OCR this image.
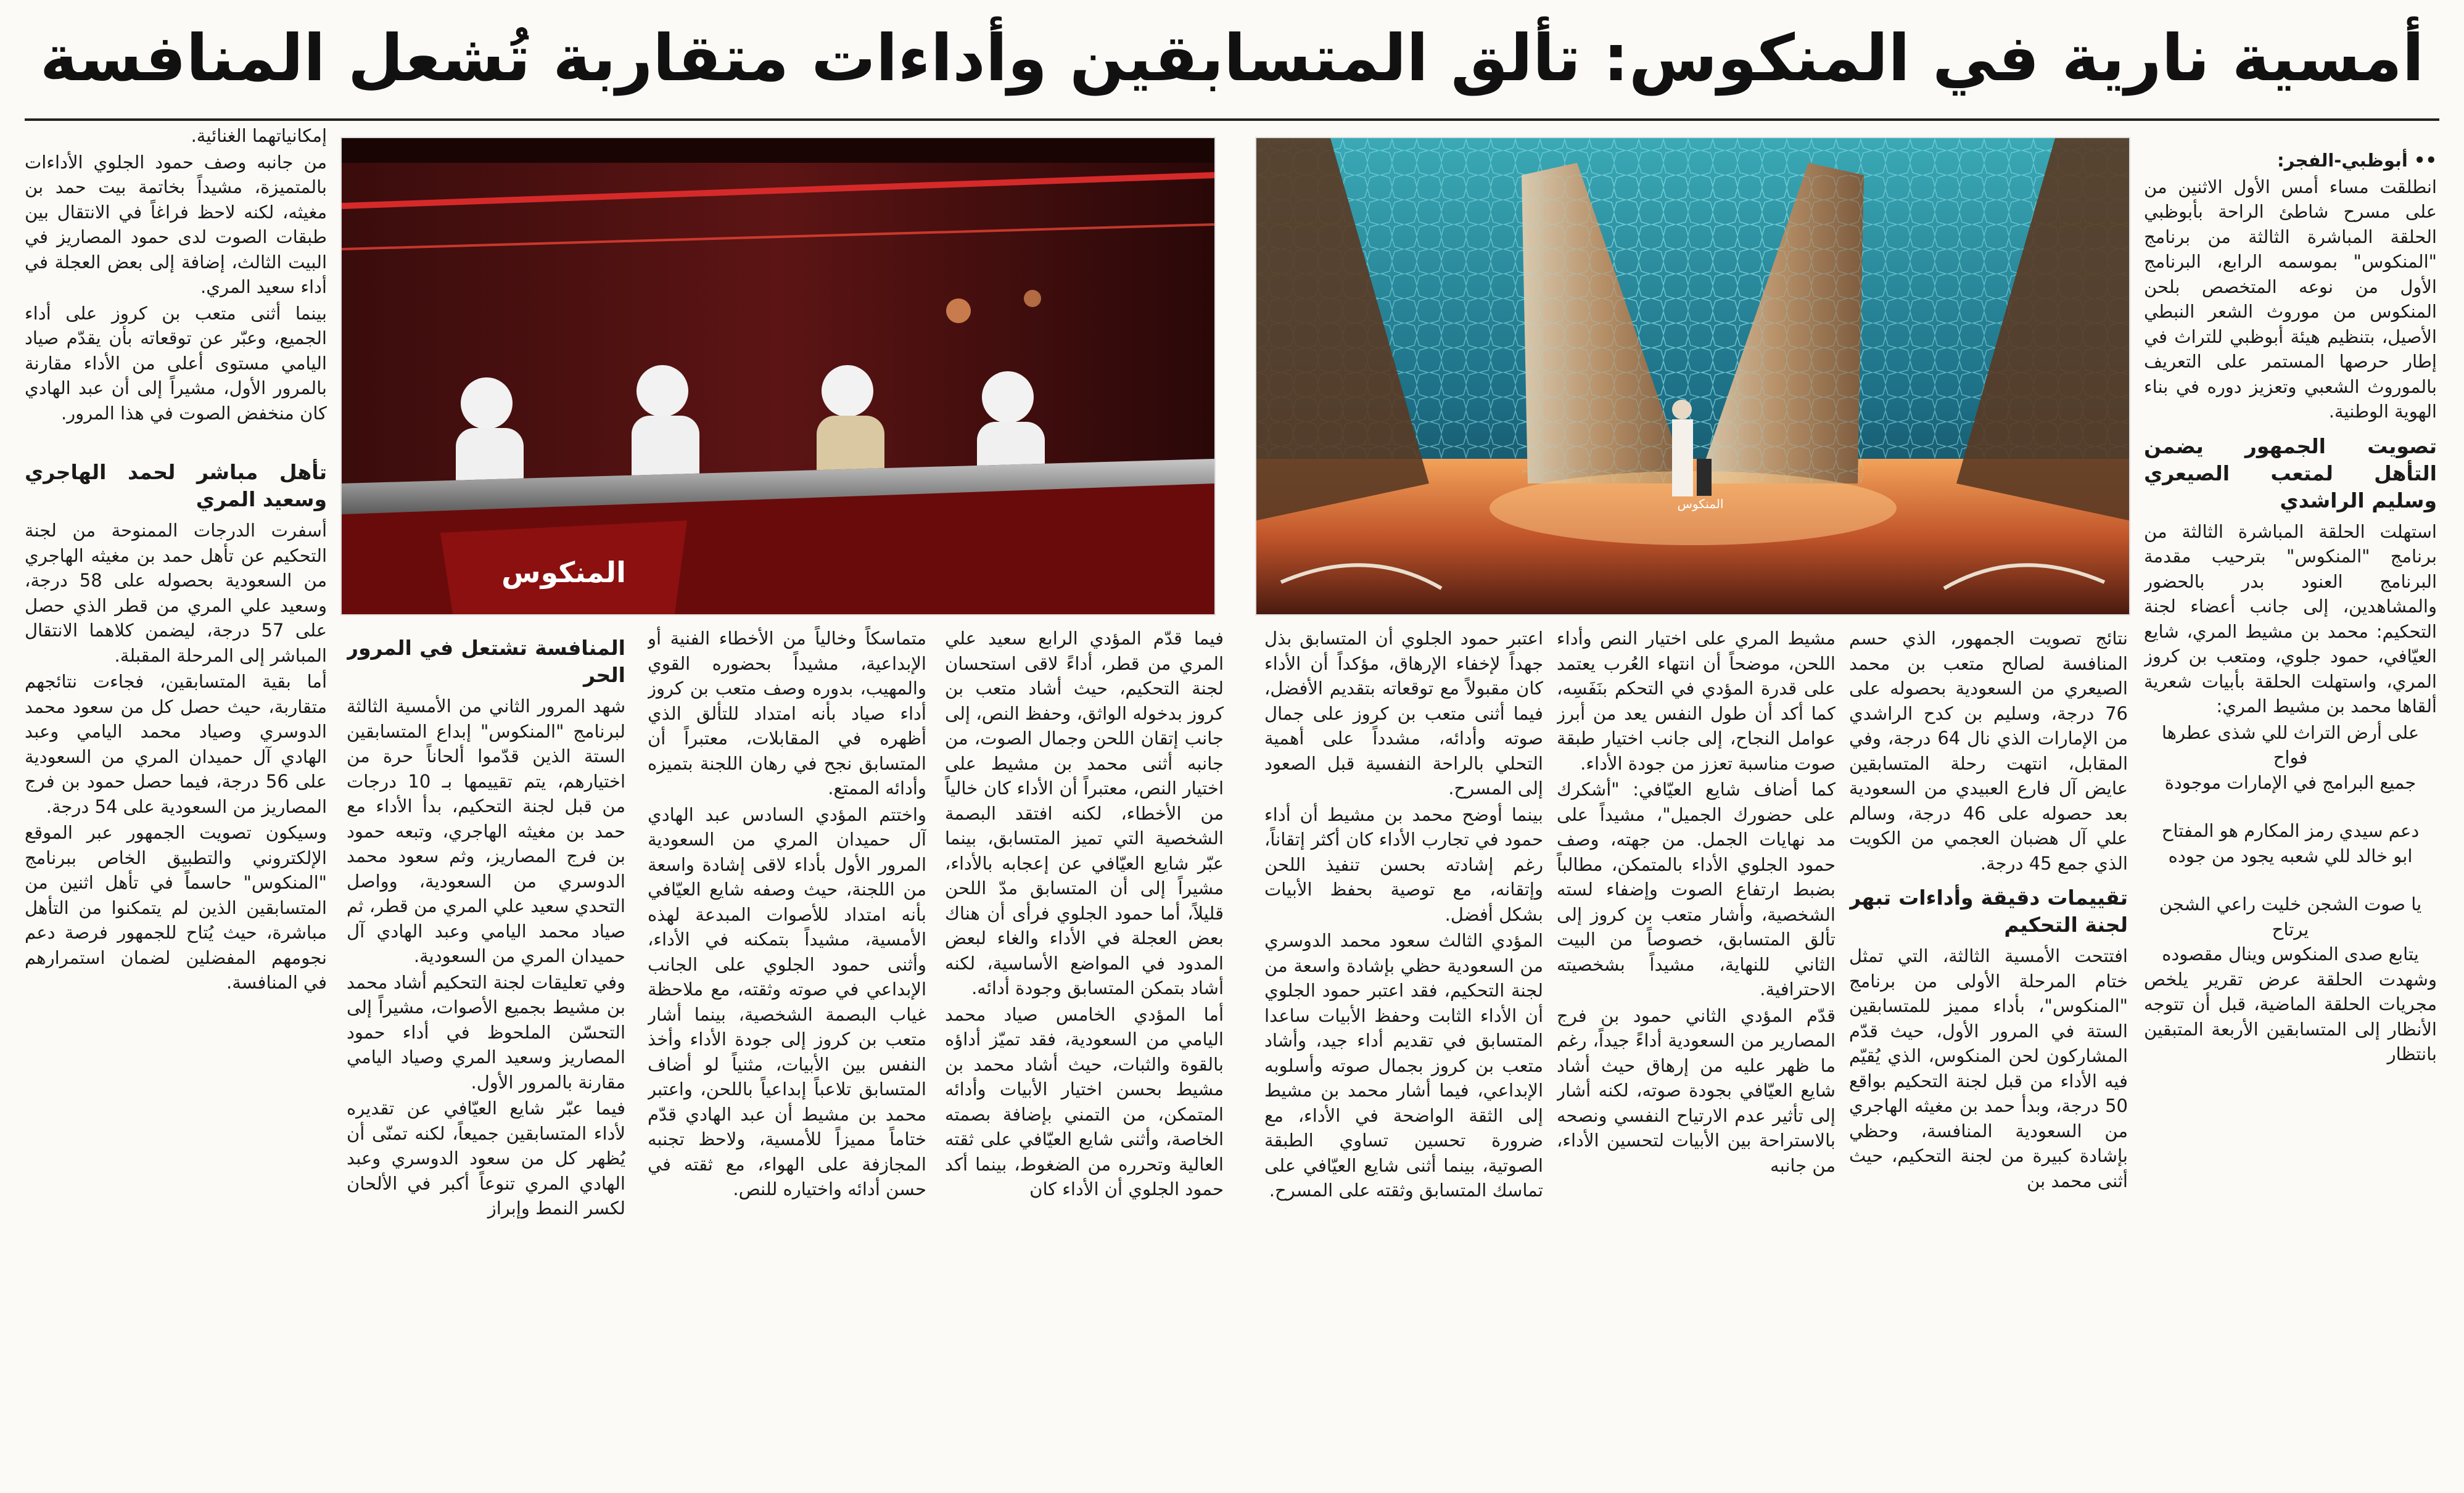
أمسية نارية في المنكوس: تألق المتسابقين وأداءات متقاربة تُشعل المنافسة

•• أبوظبي-الفجر:

انطلقت مساء أمس الأول الاثنين من على مسرح شاطئ الراحة بأبوظبي الحلقة المباشرة الثالثة من برنامج "المنكوس" بموسمه الرابع، البرنامج الأول من نوعه المتخصص بلحن المنكوس من موروث الشعر النبطي الأصيل، بتنظيم هيئة أبوظبي للتراث في إطار حرصها المستمر على التعريف بالموروث الشعبي وتعزيز دوره في بناء الهوية الوطنية.

تصويت الجمهور يضمن التأهل لمتعب الصيعري وسليم الراشدي

استهلت الحلقة المباشرة الثالثة من برنامج "المنكوس" بترحيب مقدمة البرنامج العنود بدر بالحضور والمشاهدين، إلى جانب أعضاء لجنة التحكيم: محمد بن مشيط المري، شايع العيّافي، حمود جلوي، ومتعب بن كروز المري، واستهلت الحلقة بأبيات شعرية ألقاها محمد بن مشيط المري:

على أرض التراث للي شذى عطرها فواح

جميع البرامج في الإمارات موجودة

دعم سيدي رمز المكارم هو المفتاح

ابو خالد للي شعبه يجود من جوده

يا صوت الشجن خليت راعي الشجن يرتاح

يتابع صدى المنكوس وينال مقصوده

وشهدت الحلقة عرض تقرير يلخص مجريات الحلقة الماضية، قبل أن تتوجه الأنظار إلى المتسابقين الأربعة المتبقين بانتظار

المنكوس
المنكوس

نتائج تصويت الجمهور، الذي حسم المنافسة لصالح متعب بن محمد الصيعري من السعودية بحصوله على 76 درجة، وسليم بن كدح الراشدي من الإمارات الذي نال 64 درجة، وفي المقابل، انتهت رحلة المتسابقين عايض آل فارع العبيدي من السعودية بعد حصوله على 46 درجة، وسالم علي آل هضبان العجمي من الكويت الذي جمع 45 درجة.

تقييمات دقيقة وأداءات تبهر لجنة التحكيم

افتتحت الأمسية الثالثة، التي تمثل ختام المرحلة الأولى من برنامج "المنكوس"، بأداء مميز للمتسابقين الستة في المرور الأول، حيث قدّم المشاركون لحن المنكوس، الذي يُقيّم فيه الأداء من قبل لجنة التحكيم بواقع 50 درجة، وبدأ حمد بن مغيثه الهاجري من السعودية المنافسة، وحظي بإشادة كبيرة من لجنة التحكيم، حيث أثنى محمد بن

مشيط المري على اختيار النص وأداء اللحن، موضحاً أن انتهاء العُرب يعتمد على قدرة المؤدي في التحكم بنَفَسِه، كما أكد أن طول النفس يعد من أبرز عوامل النجاح، إلى جانب اختيار طبقة صوت مناسبة تعزز من جودة الأداء.

كما أضاف شايع العيّافي: "أشكرك على حضورك الجميل"، مشيداً على مد نهايات الجمل. من جهته، وصف حمود الجلوي الأداء بالمتمكن، مطالباً بضبط ارتفاع الصوت وإضفاء لسته الشخصية، وأشار متعب بن كروز إلى تألق المتسابق، خصوصاً من البيت الثاني للنهاية، مشيداً بشخصيته الاحترافية.

قدّم المؤدي الثاني حمود بن فرج المصارير من السعودية أداءً جيداً، رغم ما ظهر عليه من إرهاق حيث أشاد شايع العيّافي بجودة صوته، لكنه أشار إلى تأثير عدم الارتياح النفسي ونصحه بالاستراحة بين الأبيات لتحسين الأداء، من جانبه

اعتبر حمود الجلوي أن المتسابق بذل جهداً لإخفاء الإرهاق، مؤكداً أن الأداء كان مقبولاً مع توقعاته بتقديم الأفضل، فيما أثنى متعب بن كروز على جمال صوته وأدائه، مشدداً على أهمية التحلي بالراحة النفسية قبل الصعود إلى المسرح.

بينما أوضح محمد بن مشيط أن أداء حمود في تجارب الأداء كان أكثر إتقاناً، رغم إشادته بحسن تنفيذ اللحن وإتقانه، مع توصية بحفظ الأبيات بشكل أفضل.

المؤدي الثالث سعود محمد الدوسري من السعودية حظي بإشادة واسعة من لجنة التحكيم، فقد اعتبر حمود الجلوي أن الأداء الثابت وحفظ الأبيات ساعدا المتسابق في تقديم أداء جيد، وأشاد متعب بن كروز بجمال صوته وأسلوبه الإبداعي، فيما أشار محمد بن مشيط إلى الثقة الواضحة في الأداء، مع ضرورة تحسين تساوي الطبقة الصوتية، بينما أثنى شايع العيّافي على تماسك المتسابق وثقته على المسرح.

فيما قدّم المؤدي الرابع سعيد علي المري من قطر، أداءً لاقى استحسان لجنة التحكيم، حيث أشاد متعب بن كروز بدخوله الواثق، وحفظ النص، إلى جانب إتقان اللحن وجمال الصوت، من جانبه أثنى محمد بن مشيط على اختيار النص، معتبراً أن الأداء كان خالياً من الأخطاء، لكنه افتقد البصمة الشخصية التي تميز المتسابق، بينما عبّر شايع العيّافي عن إعجابه بالأداء، مشيراً إلى أن المتسابق مدّ اللحن قليلاً، أما حمود الجلوي فرأى أن هناك بعض العجلة في الأداء والغاء لبعض المدود في المواضع الأساسية، لكنه أشاد بتمكن المتسابق وجودة أدائه.

أما المؤدي الخامس صياد محمد اليامي من السعودية، فقد تميّز أداؤه بالقوة والثبات، حيث أشاد محمد بن مشيط بحسن اختيار الأبيات وأدائه المتمكن، من التمني بإضافة بصمته الخاصة، وأثنى شايع العيّافي على ثقته العالية وتحرره من الضغوط، بينما أكد حمود الجلوي أن الأداء كان

متماسكاً وخالياً من الأخطاء الفنية أو الإبداعية، مشيداً بحضوره القوي والمهيب، بدوره وصف متعب بن كروز أداء صياد بأنه امتداد للتألق الذي أظهره في المقابلات، معتبراً أن المتسابق نجح في رهان اللجنة بتميزه وأدائه الممتع.

واختتم المؤدي السادس عبد الهادي آل حميدان المري من السعودية المرور الأول بأداء لاقى إشادة واسعة من اللجنة، حيث وصفه شايع العيّافي بأنه امتداد للأصوات المبدعة لهذه الأمسية، مشيداً بتمكنه في الأداء، وأثنى حمود الجلوي على الجانب الإبداعي في صوته وثقته، مع ملاحظة غياب البصمة الشخصية، بينما أشار متعب بن كروز إلى جودة الأداء وأخذ النفس بين الأبيات، مثنياً لو أضاف المتسابق تلاعباً إبداعياً باللحن، واعتبر محمد بن مشيط أن عبد الهادي قدّم ختاماً مميزاً للأمسية، ولاحظ تجنبه المجازفة على الهواء، مع ثقته في حسن أدائه واختياره للنص.

المنافسة تشتعل في المرور الحر

شهد المرور الثاني من الأمسية الثالثة لبرنامج "المنكوس" إبداع المتسابقين الستة الذين قدّموا ألحاناً حرة من اختيارهم، يتم تقييمها بـ 10 درجات من قبل لجنة التحكيم، بدأ الأداء مع حمد بن مغيثه الهاجري، وتبعه حمود بن فرج المصاريز، وثم سعود محمد الدوسري من السعودية، وواصل التحدي سعيد علي المري من قطر، ثم صياد محمد اليامي وعبد الهادي آل حميدان المري من السعودية.

وفي تعليقات لجنة التحكيم أشاد محمد بن مشيط بجميع الأصوات، مشيراً إلى التحسّن الملحوظ في أداء حمود المصاريز وسعيد المري وصياد اليامي مقارنة بالمرور الأول.

فيما عبّر شايع العيّافي عن تقديره لأداء المتسابقين جميعاً، لكنه تمنّى أن يُظهر كل من سعود الدوسري وعبد الهادي المري تنوعاً أكبر في الألحان لكسر النمط وإبراز

إمكانياتهما الغنائية.

من جانبه وصف حمود الجلوي الأداءات بالمتميزة، مشيداً بخاتمة بيت حمد بن مغيثه، لكنه لاحظ فراغاً في الانتقال بين طبقات الصوت لدى حمود المصاريز في البيت الثالث، إضافة إلى بعض العجلة في أداء سعيد المري.

بينما أثنى متعب بن كروز على أداء الجميع، وعبّر عن توقعاته بأن يقدّم صياد اليامي مستوى أعلى من الأداء مقارنة بالمرور الأول، مشيراً إلى أن عبد الهادي كان منخفض الصوت في هذا المرور.

تأهل مباشر لحمد الهاجري وسعيد المري

أسفرت الدرجات الممنوحة من لجنة التحكيم عن تأهل حمد بن مغيثه الهاجري من السعودية بحصوله على 58 درجة، وسعيد علي المري من قطر الذي حصل على 57 درجة، ليضمن كلاهما الانتقال المباشر إلى المرحلة المقبلة.

أما بقية المتسابقين، فجاءت نتائجهم متقاربة، حيث حصل كل من سعود محمد الدوسري وصياد محمد اليامي وعبد الهادي آل حميدان المري من السعودية على 56 درجة، فيما حصل حمود بن فرج المصاريز من السعودية على 54 درجة.

وسيكون تصويت الجمهور عبر الموقع الإلكتروني والتطبيق الخاص ببرنامج "المنكوس" حاسماً في تأهل اثنين من المتسابقين الذين لم يتمكنوا من التأهل مباشرة، حيث يُتاح للجمهور فرصة دعم نجومهم المفضلين لضمان استمرارهم في المنافسة.
